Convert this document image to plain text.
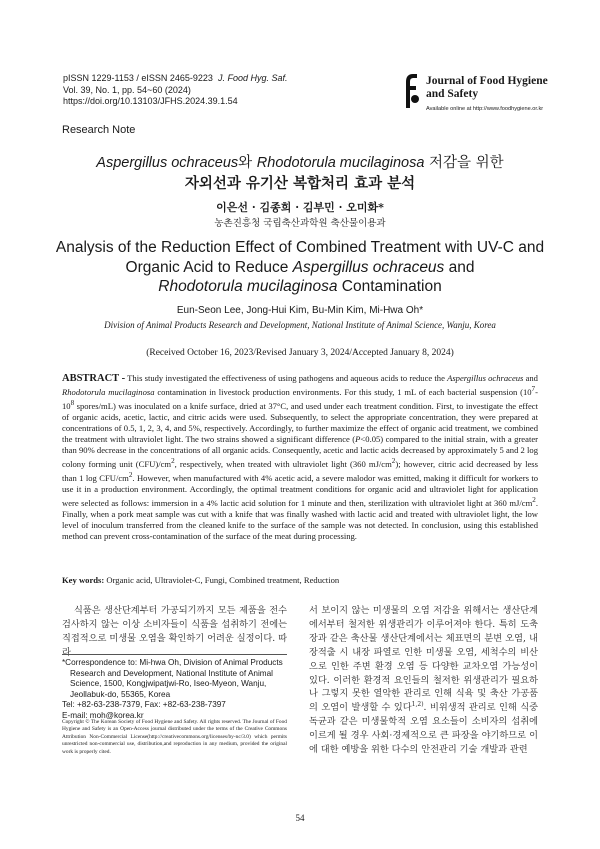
pISSN 1229-1153 / eISSN 2465-9223 J. Food Hyg. Saf.
Vol. 39, No. 1, pp. 54~60 (2024)
https://doi.org/10.13103/JFHS.2024.39.1.54
Journal of Food Hygiene
and Safety
Available online at http://www.foodhygiene.or.kr
Research Note
Aspergillus ochraceus와 Rhodotorula mucilaginosa 저감을 위한
자외선과 유기산 복합처리 효과 분석
이은선 · 김종희 · 김부민 · 오미화*
농촌진흥청 국립축산과학원 축산물이용과
Analysis of the Reduction Effect of Combined Treatment with UV-C and
Organic Acid to Reduce Aspergillus ochraceus and
Rhodotorula mucilaginosa Contamination
Eun-Seon Lee, Jong-Hui Kim, Bu-Min Kim, Mi-Hwa Oh*
Division of Animal Products Research and Development, National Institute of Animal Science, Wanju, Korea
(Received October 16, 2023/Revised January 3, 2024/Accepted January 8, 2024)
ABSTRACT - This study investigated the effectiveness of using pathogens and aqueous acids to reduce the Aspergillus ochraceus and Rhodotorula mucilaginosa contamination in livestock production environments. For this study, 1 mL of each bacterial suspension ($10^7-10^8$ spores/mL) was inoculated on a knife surface, dried at 37°C, and used under each treatment condition. First, to investigate the effect of organic acids, acetic, lactic, and citric acids were used. Subsequently, to select the appropriate concentration, they were prepared at concentrations of 0.5, 1, 2, 3, 4, and 5%, respectively. Accordingly, to further maximize the effect of organic acid treatment, we combined the treatment with ultraviolet light. The two strains showed a significant difference (P<0.05) compared to the initial strain, with a greater than 90% decrease in the concentrations of all organic acids. Consequently, acetic and lactic acids decreased by approximately 5 and 2 log colony forming unit $(CFU)/cm^2$, respectively, when treated with ultraviolet light (360 $mJ/cm^2$); however, citric acid decreased by less than 1 log CFU/$cm^2$. However, when manufactured with 4% acetic acid, a severe malodor was emitted, making it difficult for workers to use it in a production environment. Accordingly, the optimal treatment conditions for organic acid and ultraviolet light for application were selected as follows: immersion in a 4% lactic acid solution for 1 minute and then, sterilization with ultraviolet light at 360 $mJ/cm^2$. Finally, when a pork meat sample was cut with a knife that was finally washed with lactic acid and treated with ultraviolet light, the low level of inoculum transferred from the cleaned knife to the surface of the sample was not detected. In conclusion, using this established method can prevent cross-contamination of the surface of the meat during processing.
Key words: Organic acid, Ultraviolet-C, Fungi, Combined treatment, Reduction
식품은 생산단계부터 가공되기까지 모든 제품을 전수 검사하지 않는 이상 소비자들이 식품을 섭취하기 전에는 직접적으로 미생물 오염을 확인하기 어려운 실정이다. 따라
서 보이지 않는 미생물의 오염 저감을 위해서는 생산단계에서부터 철저한 위생관리가 이루어져야 한다. 특히 도축장과 같은 축산물 생산단계에서는 체표면의 분변 오염, 내장적출 시 내장 파열로 인한 미생물 오염, 세척수의 비산으로 인한 주변 환경 오염 등 다양한 교차오염 가능성이 있다. 이러한 환경적 요인들의 철저한 위생관리가 필요하나 그렇지 못한 열악한 관리로 인해 식육 및 축산 가공품의 오염이 발생할 수 있다$^{1,2)}$. 비위생적 관리로 인해 식중독균과 같은 미생물학적 오염 요소들이 소비자의 섭취에 이르게 될 경우 사회·경제적으로 큰 파장을 야기하므로 이에 대한 예방을 위한 다수의 안전관리 기술 개발과 관련
*Correspondence to: Mi-hwa Oh, Division of Animal Products Research and Development, National Institute of Animal Science, 1500, Kongjwipatjwi-Ro, Iseo-Myeon, Wanju, Jeollabuk-do, 55365, Korea
Tel: +82-63-238-7379, Fax: +82-63-238-7397
E-mail: moh@korea.kr
Copyright © The Korean Society of Food Hygiene and Safety. All rights reserved. The Journal of Food Hygiene and Safety is an Open-Access journal distributed under the terms of the Creative Commons Attribution Non-Commercial License(http://creativecommons.org/licenses/by-nc/3.0) which permits unrestricted non-commercial use, distribution,and reproduction in any medium, provided the original work is properly cited.
54
